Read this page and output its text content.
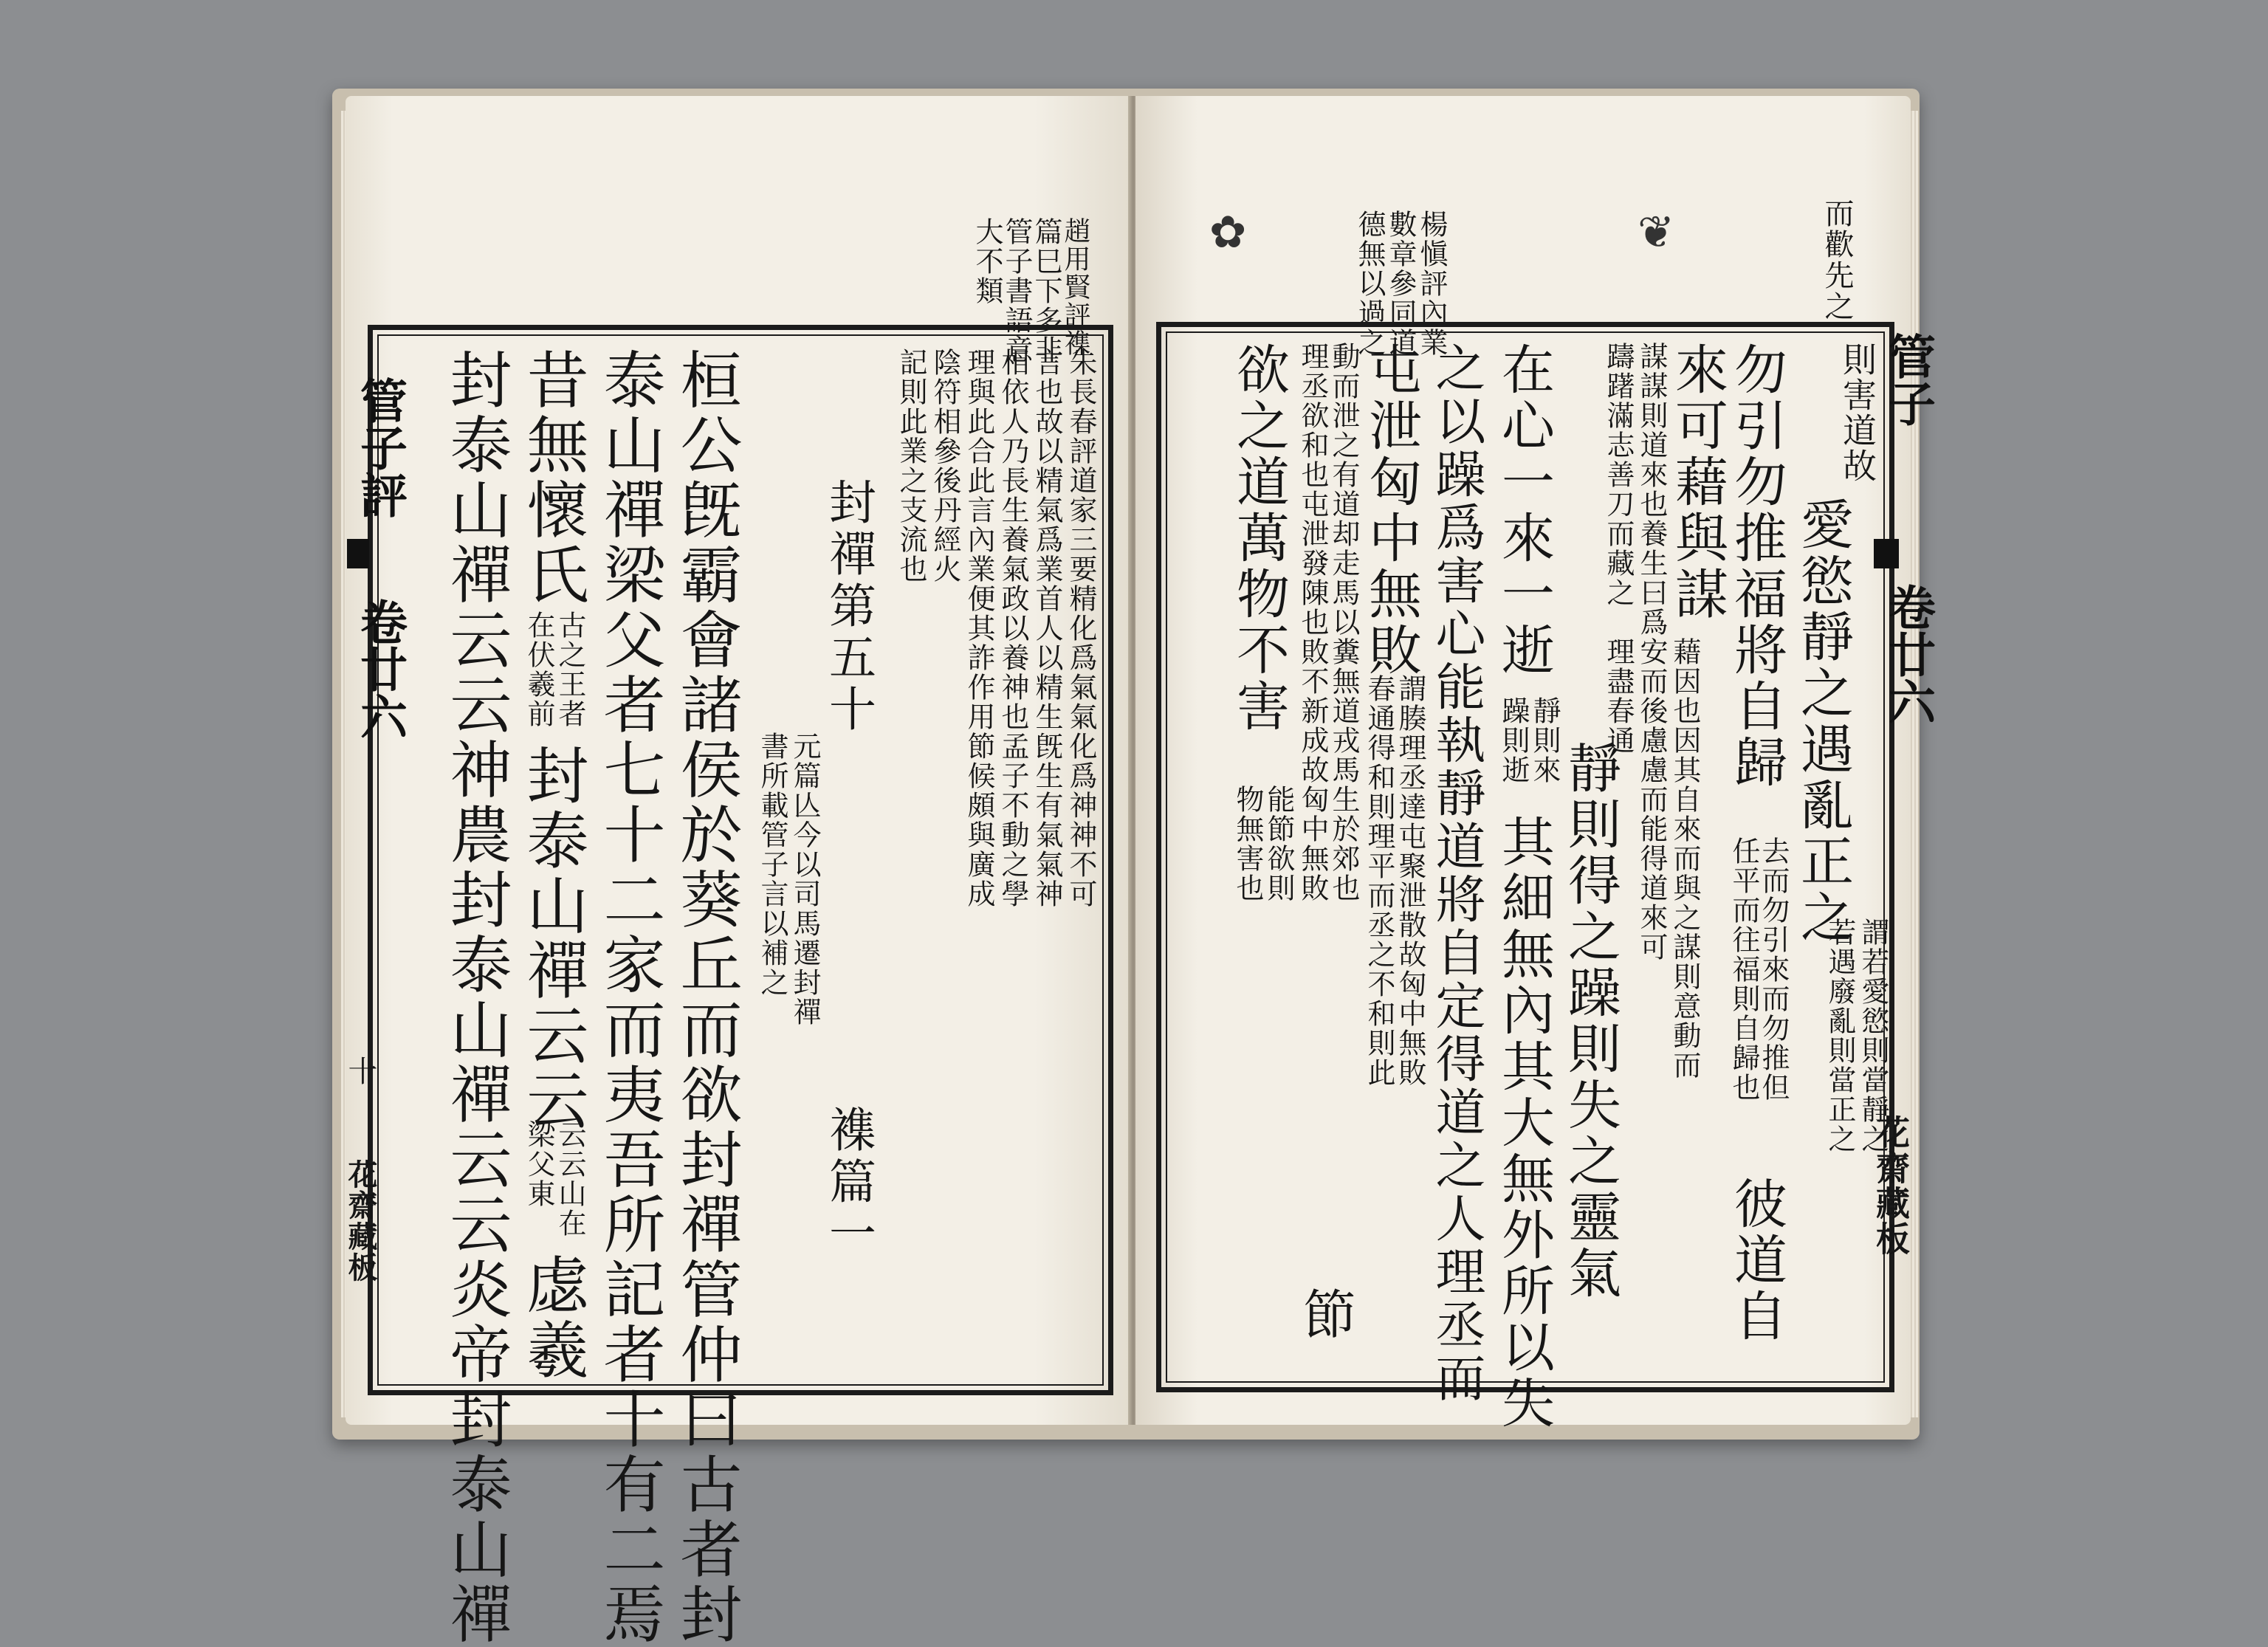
趙用賢評襍
篇巳下多非
管子書語意
大不類
朱長春評道家三要精化爲氣氣化爲神神不可
言也故以精氣爲業首人以精生旣生有氣氣神
相依人乃長生養氣政以養神也孟子不動之學
理與此合此言內業便其詐作用節候頗與廣成
陰符相參後丹經火
記則此業之支流也
封禪第五十
元篇亾今以司馬遷封禪
書所載管子言以補之
襍篇一
桓公旣霸會諸侯於葵丘而欲封禪管仲曰古者封
泰山禪梁父者七十二家而夷吾所記者十有二焉
昔無懷氏
古之王者
在伏羲前
封泰山禪云云
云云山在
梁父東
虙羲
封泰山禪云云神農封泰山禪云云炎帝封泰山禪
管子評
卷廿六
十
花齋藏板
而歡先之
楊愼評內業
數章參同道
德無以過之
✿	❦
則害道故
愛慾靜之遇亂正之
謂若愛慾則當靜之
若遇廢亂則當正之
勿引勿推福將自歸
去而勿引來而勿推但
任平而往福則自歸也
彼道自
來可藉與謀
藉因也因其自來而與之謀則意動而
謀謀則道來也養生曰爲安而後慮慮而能得道來可
躊躇滿志善刀而藏之
理盡春通
靜則得之躁則失之靈氣
在心一來一逝
靜則來
躁則逝
其細無內其大無外所以失
之以躁爲害心能執靜道將自定得道之人理丞而
屯泄匈中無敗
謂腠理丞達屯聚泄散故匈中無敗
春通得和則理平而丞之不和則此
動而泄之有道却走馬以糞無道戎馬生於郊也
理丞欲和也屯泄發陳也敗不新成故匈中無敗
節
欲之道萬物不害
能節欲則
物無害也
管子
卷廿六
花齋藏板
